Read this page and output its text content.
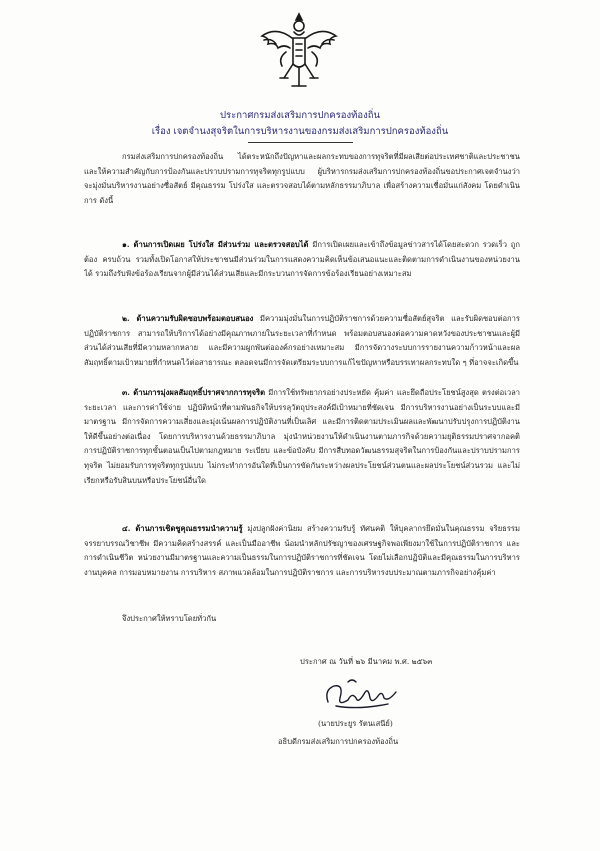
ประกาศกรมส่งเสริมการปกครองท้องถิ่น
เรื่อง เจตจำนงสุจริตในการบริหารงานของกรมส่งเสริมการปกครองท้องถิ่น
กรมส่งเสริมการปกครองท้องถิ่น ได้ตระหนักถึงปัญหาและผลกระทบของการทุจริตที่มีผลเสียต่อประเทศชาติและประชาชน และให้ความสำคัญกับการป้องกันและปราบปรามการทุจริตทุกรูปแบบ ผู้บริหารกรมส่งเสริมการปกครองท้องถิ่นขอประกาศเจตจำนงว่า จะมุ่งมั่นบริหารงานอย่างซื่อสัตย์ มีคุณธรรม โปร่งใส และตรวจสอบได้ตามหลักธรรมาภิบาล เพื่อสร้างความเชื่อมั่นแก่สังคม โดยดำเนินการ ดังนี้
๑. ด้านการเปิดเผย โปร่งใส มีส่วนร่วม และตรวจสอบได้ มีการเปิดเผยและเข้าถึงข้อมูลข่าวสารได้โดยสะดวก รวดเร็ว ถูกต้อง ครบถ้วน รวมทั้งเปิดโอกาสให้ประชาชนมีส่วนร่วมในการแสดงความคิดเห็นข้อเสนอแนะและติดตามการดำเนินงานของหน่วยงานได้ รวมถึงรับฟังข้อร้องเรียนจากผู้มีส่วนได้ส่วนเสียและมีกระบวนการจัดการข้อร้องเรียนอย่างเหมาะสม
๒. ด้านความรับผิดชอบพร้อมตอบสนอง มีความมุ่งมั่นในการปฏิบัติราชการด้วยความซื่อสัตย์สุจริต และรับผิดชอบต่อการปฏิบัติราชการ สามารถให้บริการได้อย่างมีคุณภาพภายในระยะเวลาที่กำหนด พร้อมตอบสนองต่อความคาดหวังของประชาชนและผู้มีส่วนได้ส่วนเสียที่มีความหลากหลาย และมีความผูกพันต่อองค์กรอย่างเหมาะสม มีการจัดวางระบบการรายงานความก้าวหน้าและผลสัมฤทธิ์ตามเป้าหมายที่กำหนดไว้ต่อสาธารณะ ตลอดจนมีการจัดเตรียมระบบการแก้ไขปัญหาหรือบรรเทาผลกระทบใด ๆ ที่อาจจะเกิดขึ้น
๓. ด้านการมุ่งผลสัมฤทธิ์ปราศจากการทุจริต มีการใช้ทรัพยากรอย่างประหยัด คุ้มค่า และยึดถือประโยชน์สูงสุด ตรงต่อเวลา ระยะเวลา และการค่าใช้จ่าย ปฏิบัติหน้าที่ตามพันธกิจให้บรรลุวัตถุประสงค์มีเป้าหมายที่ชัดเจน มีการบริหารงานอย่างเป็นระบบและมีมาตรฐาน มีการจัดการความเสี่ยงและมุ่งเน้นผลการปฏิบัติงานที่เป็นเลิศ และมีการติดตามประเมินผลและพัฒนาปรับปรุงการปฏิบัติงานให้ดีขึ้นอย่างต่อเนื่อง โดยการบริหารงานด้วยธรรมาภิบาล มุ่งนำหน่วยงานให้ดำเนินงานตามภารกิจด้วยความยุติธรรมปราศจากอคติ การปฏิบัติราชการทุกขั้นตอนเป็นไปตามกฎหมาย ระเบียบ และข้อบังคับ มีการสืบทอดวัฒนธรรมสุจริตในการป้องกันและปราบปรามการทุจริต ไม่ยอมรับการทุจริตทุกรูปแบบ ไม่กระทำการอันใดที่เป็นการขัดกันระหว่างผลประโยชน์ส่วนตนและผลประโยชน์ส่วนรวม และไม่เรียกหรือรับสินบนหรือประโยชน์อื่นใด
๔. ด้านการเชิดชูคุณธรรมนำความรู้ มุ่งปลูกฝังค่านิยม สร้างความรับรู้ ทัศนคติ ให้บุคลากรยึดมั่นในคุณธรรม จริยธรรม จรรยาบรรณวิชาชีพ มีความคิดสร้างสรรค์ และเป็นมืออาชีพ น้อมนำหลักปรัชญาของเศรษฐกิจพอเพียงมาใช้ในการปฏิบัติราชการ และการดำเนินชีวิต หน่วยงานมีมาตรฐานและความเป็นธรรมในการปฏิบัติราชการที่ชัดเจน โดยไม่เลือกปฏิบัติและมีคุณธรรมในการบริหารงานบุคคล การมอบหมายงาน การบริหาร สภาพแวดล้อมในการปฏิบัติราชการ และการบริหารงบประมาณตามภารกิจอย่างคุ้มค่า
จึงประกาศให้ทราบโดยทั่วกัน
ประกาศ ณ วันที่ ๒๖ มีนาคม พ.ศ. ๒๕๖๓
(นายประยูร รัตนเสนีย์)
อธิบดีกรมส่งเสริมการปกครองท้องถิ่น
